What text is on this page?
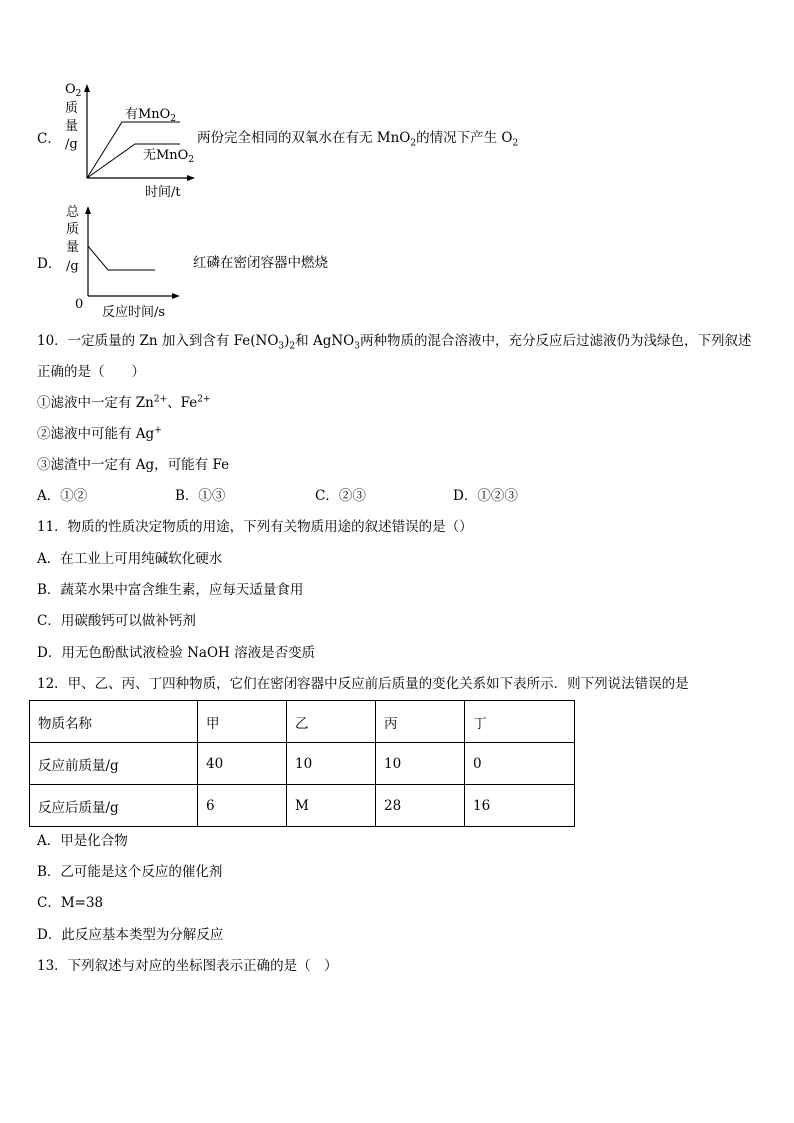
C．
$O_2$
质
量
/g
有MnO$_2$
无MnO$_2$
时间/t
两份完全相同的双氧水在有无 MnO$_2$的情况下产生 $O_2$
D．
总
质
量
/g
0
反应时间/s
红磷在密闭容器中燃烧
10．一定质量的 Zn 加入到含有 $Fe(NO_3)_2$和 AgNO$_3$两种物质的混合溶液中，充分反应后过滤液仍为浅绿色，下列叙述
正确的是（　　）
①滤液中一定有 $Zn^{2+}$、$Fe^{2+}$
②滤液中可能有 Ag+
③滤渣中一定有 Ag，可能有 Fe
A．①②	B．①③	C．②③	D．①②③
11．物质的性质决定物质的用途，下列有关物质用途的叙述错误的是（）
A．在工业上可用纯碱软化硬水
B．蔬菜水果中富含维生素，应每天适量食用
C．用碳酸钙可以做补钙剂
D．用无色酚酞试液检验 NaOH 溶液是否变质
12．甲、乙、丙、丁四种物质，它们在密闭容器中反应前后质量的变化关系如下表所示．则下列说法错误的是
物质名称	甲	乙	丙	丁
反应前质量/g	40	10	10	0
反应后质量/g	6	M	28	16
A．甲是化合物
B．乙可能是这个反应的催化剂
C．M=38
D．此反应基本类型为分解反应
13．下列叙述与对应的坐标图表示正确的是（　）
